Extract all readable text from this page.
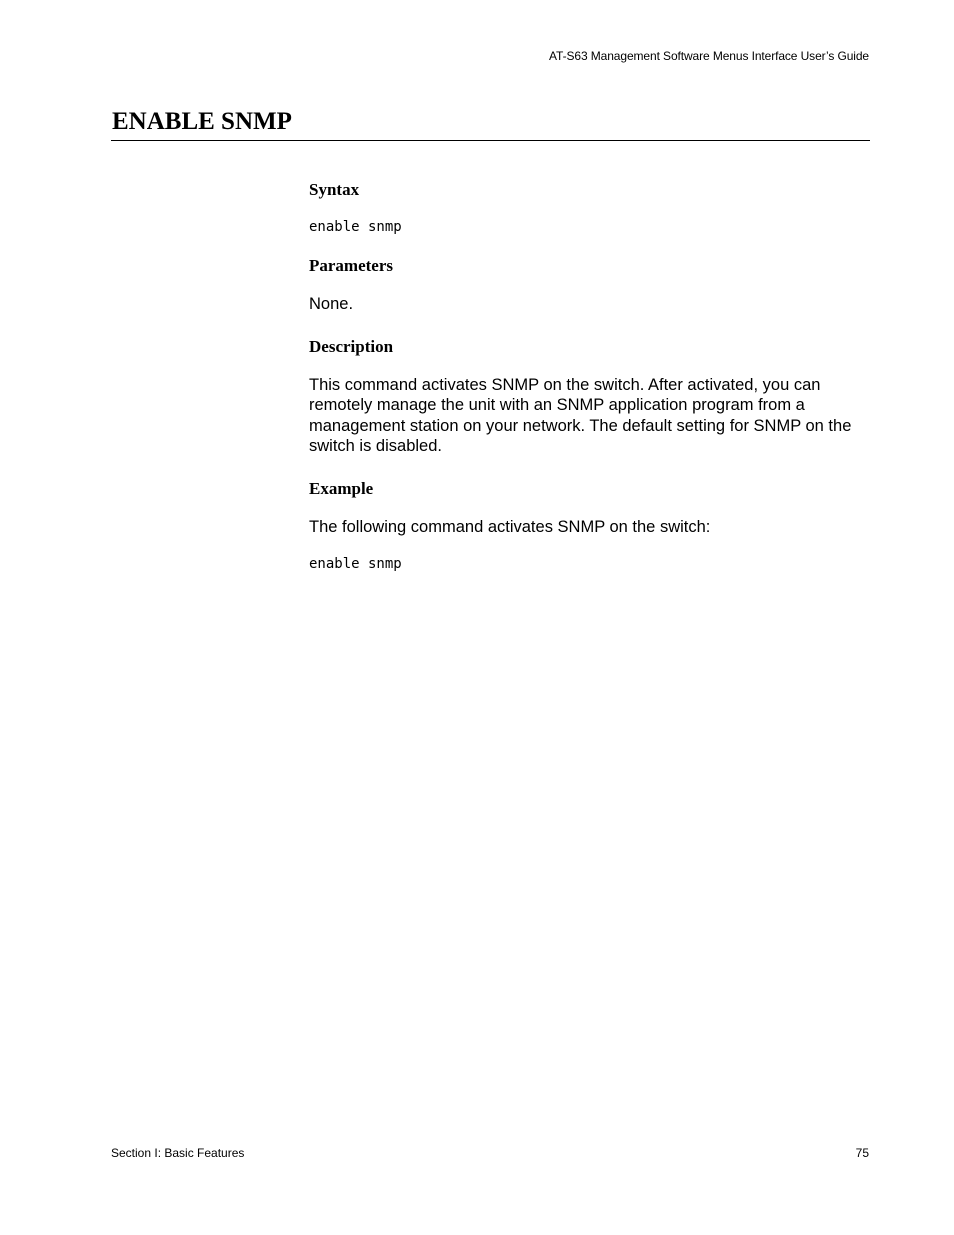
AT-S63 Management Software Menus Interface User’s Guide
ENABLE SNMP
Syntax
enable snmp
Parameters

None.

Description

This command activates SNMP on the switch. After activated, you can remotely manage the unit with an SNMP application program from a management station on your network. The default setting for SNMP on the switch is disabled.

Example

The following command activates SNMP on the switch:

enable snmp
Section I: Basic Features	75
